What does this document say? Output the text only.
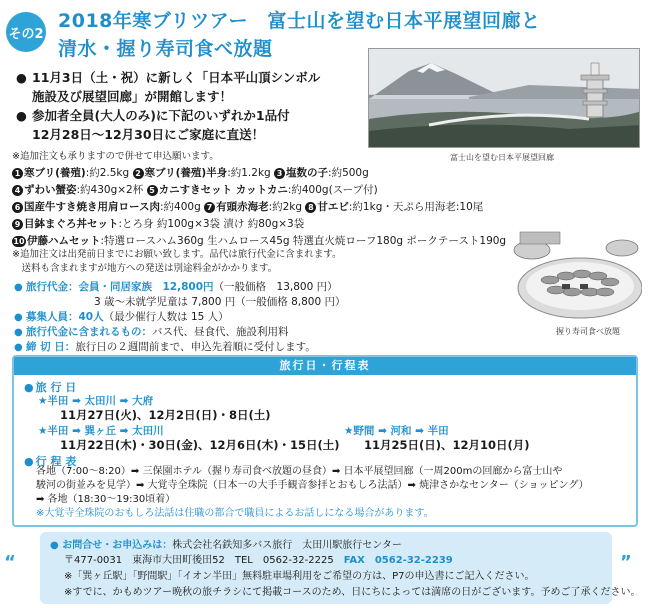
その2
2018年寒ブリツアー　富士山を望む日本平展望回廊と
清水・握り寿司食べ放題
● 11月3日（土・祝）に新しく「日本平山頂シンボル
施設及び展望回廊」が開館します！
● 参加者全員(大人のみ)に下記のいずれか1品付
12月28日〜12月30日にご家庭に直送！
富士山を望む日本平展望回廊
※追加注文も承りますので併せて申込願います。
1 寒ブリ(養殖):約2.5kg 2 寒ブリ(養殖)半身:約1.2kg 3 塩数の子:約500g
4 ずわい蟹姿:約430g×2杯 5 カニすきセット カットカニ:約400g(スープ付)
6 国産牛すき焼き用肩ロース肉:約400g 7 有頭赤海老:約2kg 8 甘エビ:約1kg・天ぷら用海老:10尾
9 目鉢まぐろ丼セット:とろ身 約100g×3袋 漬け 約80g×3袋
10 伊藤ハムセット:特選ロースハム360g 生ハムロース45g 特選直火焼ローフ180g ポークテースト190g
※追加注文は出発前日までにお願い致します。品代は旅行代金に含まれます。
　送料も含まれますが地方への発送は別途料金がかかります。
握り寿司食べ放題
● 旅行代金：会員・同居家族　12,800円（一般価格　13,800 円）
3 歳〜未就学児童は 7,800 円（一般価格 8,800 円）
● 募集人員：40人（最少催行人数は 15 人）
● 旅行代金に含まれるもの：バス代、昼食代、施設利用料
● 締 切 日：旅行日の２週間前まで、申込先着順に受付します。
旅行日・行程表
● 旅 行 日
★半田 ➡ 太田川 ➡ 大府
11月27日(火)、12月2日(日)・8日(土)
★半田 ➡ 巽ヶ丘 ➡ 太田川
11月22日(木)・30日(金)、12月6日(木)・15日(土)
★野間 ➡ 河和 ➡ 半田
11月25日(日)、12月10日(月)
● 行 程 表
各地（7:00〜8:20）➡ 三保園ホテル（握り寿司食べ放題の昼食）➡ 日本平展望回廊（一周200mの回廊から富士山や
駿河の街並みを見学）➡ 大覚寺全珠院（日本一の大手手観音参拝とおもしろ法話）➡ 焼津さかなセンター（ショッピング）
➡ 各地（18:30〜19:30頃着）
※大覚寺全珠院のおもしろ法話は住職の都合で職員によるお話しになる場合があります。
“
● お問合せ・お申込みは：株式会社名鉄知多バス旅行　太田川駅旅行センター
〒477-0031　東海市大田町後田52　TEL　0562-32-2225　 FAX　0562-32-2239
※「巽ヶ丘駅」「野間駅」「イオン半田」無料駐車場利用をご希望の方は、P7の申込書にご記入ください。
※すでに、かもめツアー晩秋の旅チラシにて掲載コースのため、日にちによっては満席の日がございます。予めご了承ください。
”
